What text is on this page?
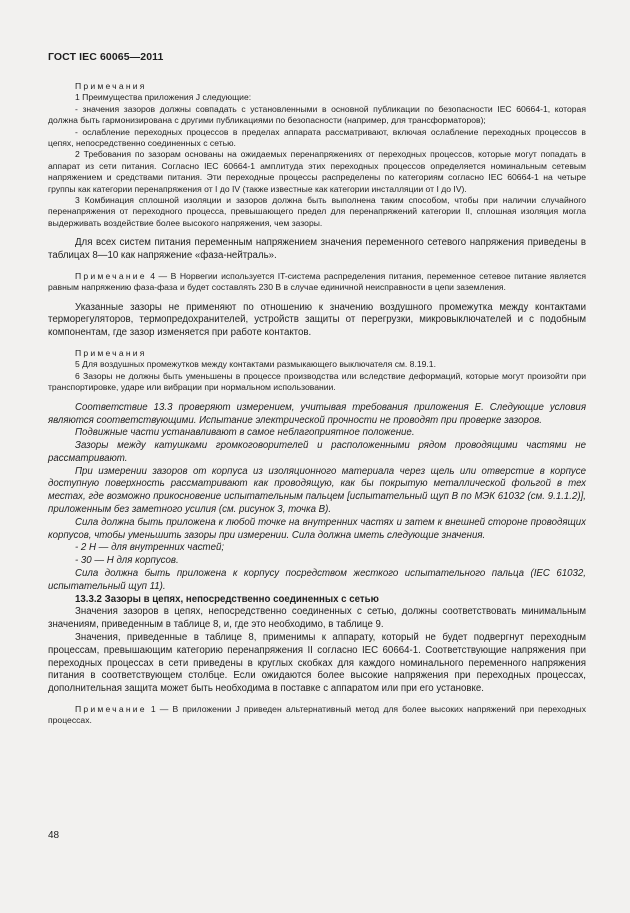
ГОСТ IEC 60065—2011

Примечания

1 Преимущества приложения J следующие:

- значения зазоров должны совпадать с установленными в основной публикации по безопасности IEC 60664-1, которая должна быть гармонизирована с другими публикациями по безопасности (например, для трансформаторов);

- ослабление переходных процессов в пределах аппарата рассматривают, включая ослабление переходных процессов в цепях, непосредственно соединенных с сетью.

2 Требования по зазорам основаны на ожидаемых перенапряжениях от переходных процессов, которые могут попадать в аппарат из сети питания. Согласно IEC 60664-1 амплитуда этих переходных процессов определяется номинальным сетевым напряжением и средствами питания. Эти переходные процессы распределены по категориям согласно IEC 60664-1 на четыре группы как категории перенапряжения от I до IV (также известные как категории инсталляции от I до IV).

3 Комбинация сплошной изоляции и зазоров должна быть выполнена таким способом, чтобы при наличии случайного перенапряжения от переходного процесса, превышающего предел для перенапряжений категории II, сплошная изоляция могла выдерживать воздействие более высокого напряжения, чем зазоры.

Для всех систем питания переменным напряжением значения переменного сетевого напряжения приведены в таблицах 8—10 как напряжение «фаза-нейтраль».

Примечание 4 — В Норвегии используется IT-система распределения питания, переменное сетевое питание является равным напряжению фаза-фаза и будет составлять 230 В в случае единичной неисправности в цепи заземления.

Указанные зазоры не применяют по отношению к значению воздушного промежутка между контактами терморегуляторов, термопредохранителей, устройств защиты от перегрузки, микровыключателей и с подобным компонентам, где зазор изменяется при работе контактов.

Примечания

5 Для воздушных промежутков между контактами размыкающего выключателя см. 8.19.1.

6 Зазоры не должны быть уменьшены в процессе производства или вследствие деформаций, которые могут произойти при транспортировке, ударе или вибрации при нормальном использовании.

Соответствие 13.3 проверяют измерением, учитывая требования приложения Е. Следующие условия являются соответствующими. Испытание электрической прочности не проводят при проверке зазоров.

Подвижные части устанавливают в самое неблагоприятное положение.

Зазоры между катушками громкоговорителей и расположенными рядом проводящими частями не рассматривают.

При измерении зазоров от корпуса из изоляционного материала через щель или отверстие в корпусе доступную поверхность рассматривают как проводящую, как бы покрытую металлической фольгой в тех местах, где возможно прикосновение испытательным пальцем [испытательный щуп В по МЭК 61032 (см. 9.1.1.2)], приложенным без заметного усилия (см. рисунок 3, точка В).

Сила должна быть приложена к любой точке на внутренних частях и затем к внешней стороне проводящих корпусов, чтобы уменьшить зазоры при измерении. Сила должна иметь следующие значения.

- 2 Н — для внутренних частей;

- 30 — Н для корпусов.

Сила должна быть приложена к корпусу посредством жесткого испытательного пальца (IEC 61032, испытательный щуп 11).

13.3.2 Зазоры в цепях, непосредственно соединенных с сетью

Значения зазоров в цепях, непосредственно соединенных с сетью, должны соответствовать минимальным значениям, приведенным в таблице 8, и, где это необходимо, в таблице 9.

Значения, приведенные в таблице 8, применимы к аппарату, который не будет подвергнут переходным процессам, превышающим категорию перенапряжения II согласно IEC 60664-1. Соответствующие напряжения при переходных процессах в сети приведены в круглых скобках для каждого номинального переменного напряжения питания в соответствующем столбце. Если ожидаются более высокие напряжения при переходных процессах, дополнительная защита может быть необходима в поставке с аппаратом или при его установке.

Примечание 1 — В приложении J приведен альтернативный метод для более высоких напряжений при переходных процессах.

48
